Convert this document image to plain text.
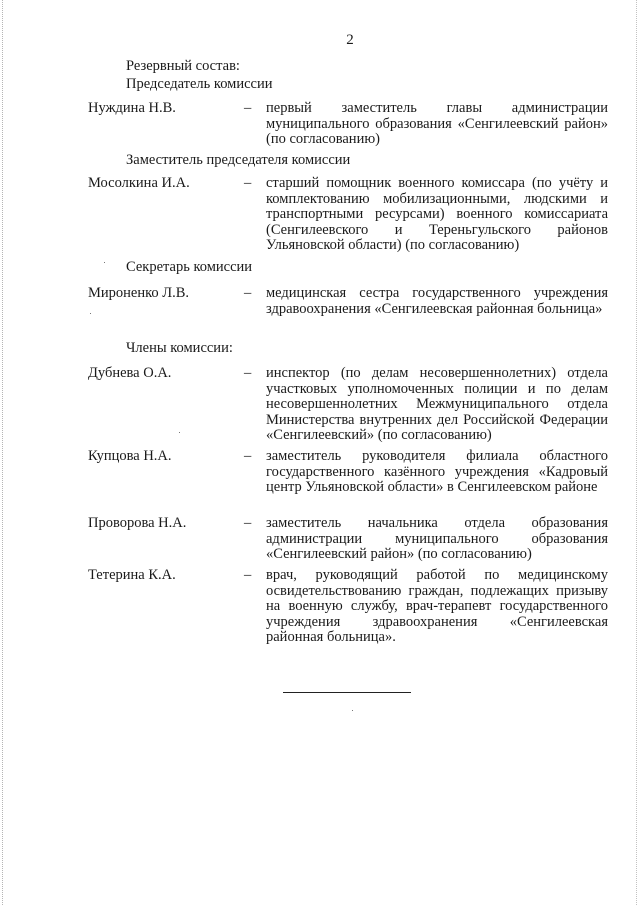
2
Резервный состав:
Председатель комиссии
Нуждина Н.В.	– первый заместитель главы администрации муниципального образования «Сенгилеевский район» (по согласованию)
Заместитель председателя комиссии
Мосолкина И.А.	– старший помощник военного комиссара (по учёту и комплектованию мобилизационными, людскими и транспортными ресурсами) военного комиссариата (Сенгилеевского и Тереньгульского районов Ульяновской области) (по согласованию)
Секретарь комиссии
Мироненко Л.В.	– медицинская сестра государственного учреждения здравоохранения «Сенгилеевская районная больница»
Члены комиссии:
Дубнева О.А.	– инспектор (по делам несовершеннолетних) отдела участковых уполномоченных полиции и по делам несовершеннолетних Межмуниципального отдела Министерства внутренних дел Российской Федерации «Сенгилеевский» (по согласованию)
Купцова Н.А.	– заместитель руководителя филиала областного государственного казённого учреждения «Кадровый центр Ульяновской области» в Сенгилеевском районе
Проворова Н.А.	– заместитель начальника отдела образования администрации муниципального образования «Сенгилеевский район» (по согласованию)
Тетерина К.А.	– врач, руководящий работой по медицинскому освидетельствованию граждан, подлежащих призыву на военную службу, врач-терапевт государственного учреждения здравоохранения «Сенгилеевская районная больница».
